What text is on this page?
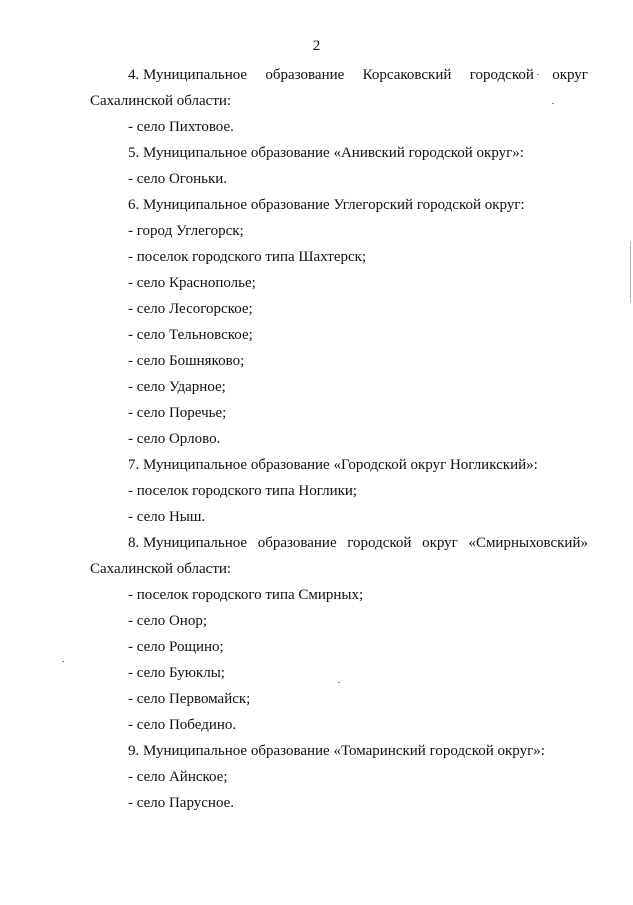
2
4. Муниципальное образование Корсаковский городской округ

Сахалинской области:

- село Пихтовое.

5. Муниципальное образование «Анивский городской округ»:

- село Огоньки.

6. Муниципальное образование Углегорский городской округ:

- город Углегорск;

- поселок городского типа Шахтерск;

- село Краснополье;

- село Лесогорское;

- село Тельновское;

- село Бошняково;

- село Ударное;

- село Поречье;

- село Орлово.

7. Муниципальное образование «Городской округ Ногликский»:

- поселок городского типа Ноглики;

- село Ныш.

8. Муниципальное образование городской округ «Смирныховский»

Сахалинской области:

- поселок городского типа Смирных;

- село Онор;

- село Рощино;

- село Буюклы;

- село Первомайск;

- село Победино.

9. Муниципальное образование «Томаринский городской округ»:

- село Айнское;

- село Парусное.
